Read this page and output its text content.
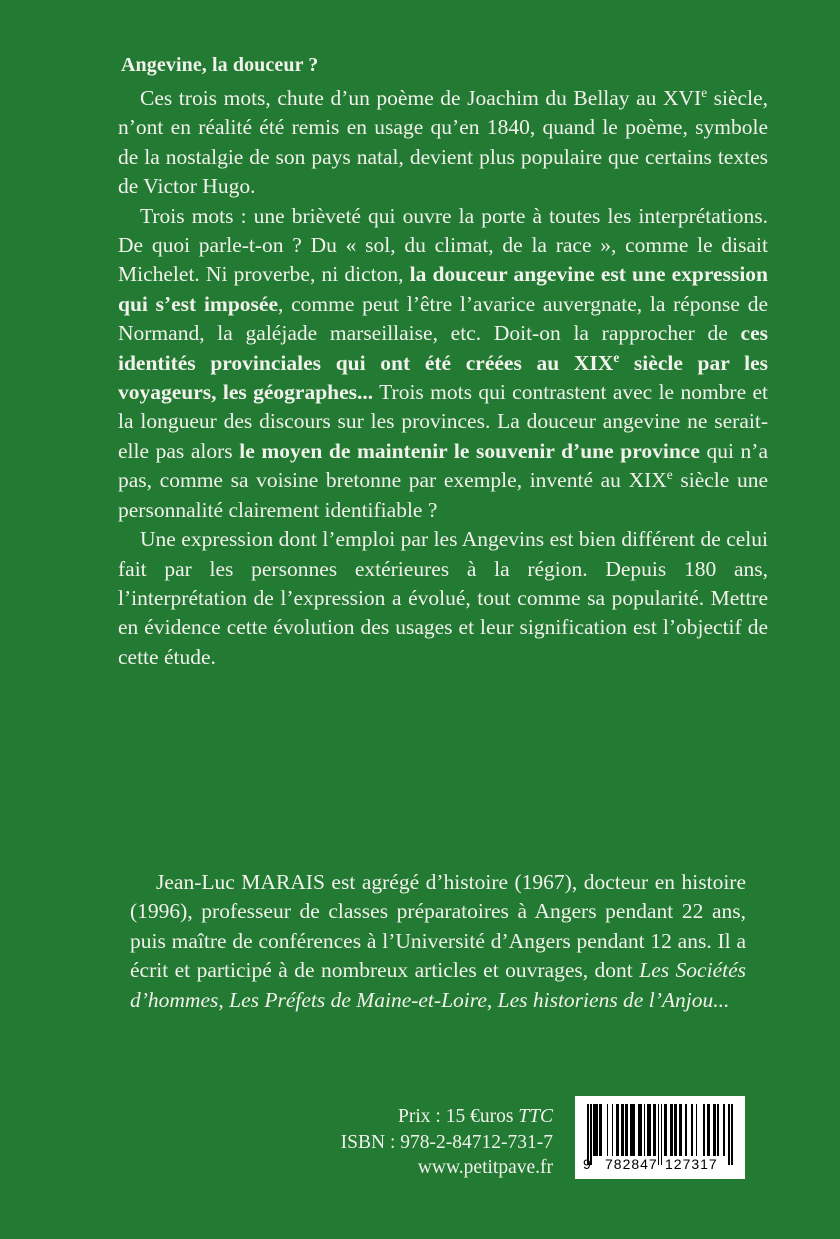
Angevine, la douceur ?

Ces trois mots, chute d’un poème de Joachim du Bellay au XVIe siècle, n’ont en réalité été remis en usage qu’en 1840, quand le poème, symbole de la nostalgie de son pays natal, devient plus populaire que certains textes de Victor Hugo.

Trois mots : une brièveté qui ouvre la porte à toutes les interprétations. De quoi parle-t-on ? Du « sol, du climat, de la race », comme le disait Michelet. Ni proverbe, ni dicton, la douceur angevine est une expression qui s’est imposée, comme peut l’être l’avarice auvergnate, la réponse de Normand, la galéjade marseillaise, etc. Doit-on la rapprocher de ces identités provinciales qui ont été créées au XIXe siècle par les voyageurs, les géographes... Trois mots qui contrastent avec le nombre et la longueur des discours sur les provinces. La douceur angevine ne serait-elle pas alors le moyen de maintenir le souvenir d’une province qui n’a pas, comme sa voisine bretonne par exemple, inventé au XIXe siècle une personnalité clairement identifiable ?

Une expression dont l’emploi par les Angevins est bien différent de celui fait par les personnes extérieures à la région. Depuis 180 ans, l’interprétation de l’expression a évolué, tout comme sa popularité. Mettre en évidence cette évolution des usages et leur signification est l’objectif de cette étude.

Jean-Luc MARAIS est agrégé d’histoire (1967), docteur en histoire (1996), professeur de classes préparatoires à Angers pendant 22 ans, puis maître de conférences à l’Université d’Angers pendant 12 ans. Il a écrit et participé à de nombreux articles et ouvrages, dont Les Sociétés d’hommes, Les Préfets de Maine-et-Loire, Les historiens de l’Anjou...

Prix : 15 €uros TTC
ISBN : 978-2-84712-731-7
www.petitpave.fr 9 782847 127317
